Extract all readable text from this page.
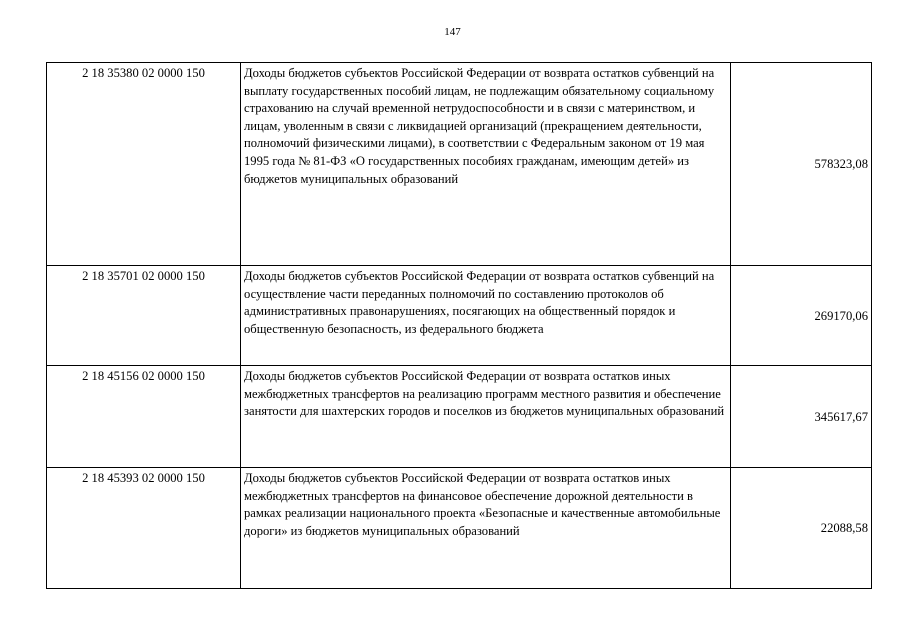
147
2 18 35380 02 0000 150	Доходы бюджетов субъектов Российской Федерации от возврата остатков субвенций на выплату государственных пособий лицам, не подлежащим обязательному социальному страхованию на случай временной нетрудоспособности и в связи с материнством, и лицам, уволенным в связи с ликвидацией организаций (прекращением деятельности, полномочий физическими лицами), в соответствии с Федеральным законом от 19 мая 1995 года № 81-ФЗ «О государственных пособиях гражданам, имеющим детей» из бюджетов муниципальных образований	578323,08
2 18 35701 02 0000 150	Доходы бюджетов субъектов Российской Федерации от возврата остатков субвенций на осуществление части переданных полномочий по составлению протоколов об административных правонарушениях, посягающих на общественный порядок и общественную безопасность, из федерального бюджета	269170,06
2 18 45156 02 0000 150	Доходы бюджетов субъектов Российской Федерации от возврата остатков иных межбюджетных трансфертов на реализацию программ местного развития и обеспечение занятости для шахтерских городов и поселков из бюджетов муниципальных образований	345617,67
2 18 45393 02 0000 150	Доходы бюджетов субъектов Российской Федерации от возврата остатков иных межбюджетных трансфертов на финансовое обеспечение дорожной деятельности в рамках реализации национального проекта «Безопасные и качественные автомобильные дороги» из бюджетов муниципальных образований	22088,58
